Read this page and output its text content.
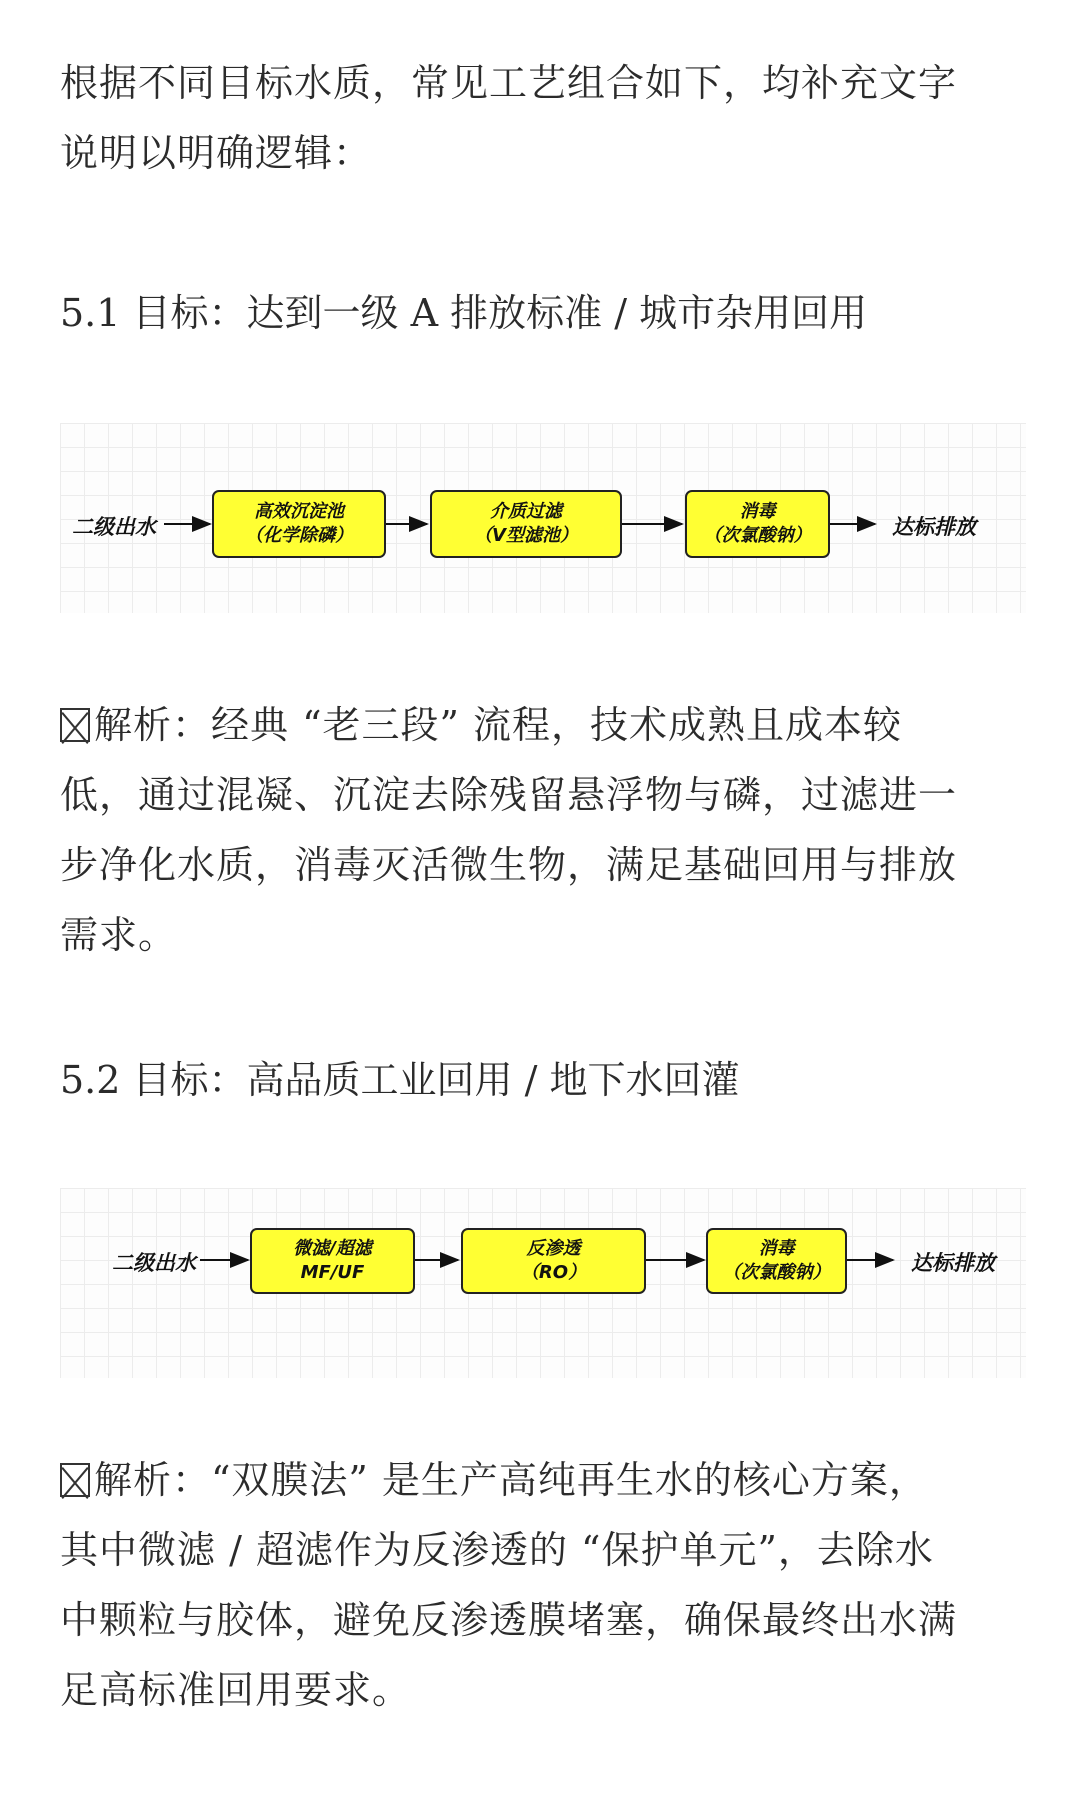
根据不同目标水质，常见工艺组合如下，均补充文字
说明以明确逻辑：
5.1 目标：达到一级 A 排放标准 / 城市杂用回用
二级出水
高效沉淀池
（化学除磷）
介质过滤
（V型滤池）
消毒
（次氯酸钠）	达标排放
解析：经典 “老三段” 流程，技术成熟且成本较
低，通过混凝、沉淀去除残留悬浮物与磷，过滤进一
步净化水质，消毒灭活微生物，满足基础回用与排放
需求。
5.2 目标：高品质工业回用 / 地下水回灌
二级出水
微滤/超滤
MF/UF
反渗透
（RO）
消毒
（次氯酸钠）	达标排放
解析：“双膜法” 是生产高纯再生水的核心方案，
其中微滤 / 超滤作为反渗透的 “保护单元”，去除水
中颗粒与胶体，避免反渗透膜堵塞，确保最终出水满
足高标准回用要求。
